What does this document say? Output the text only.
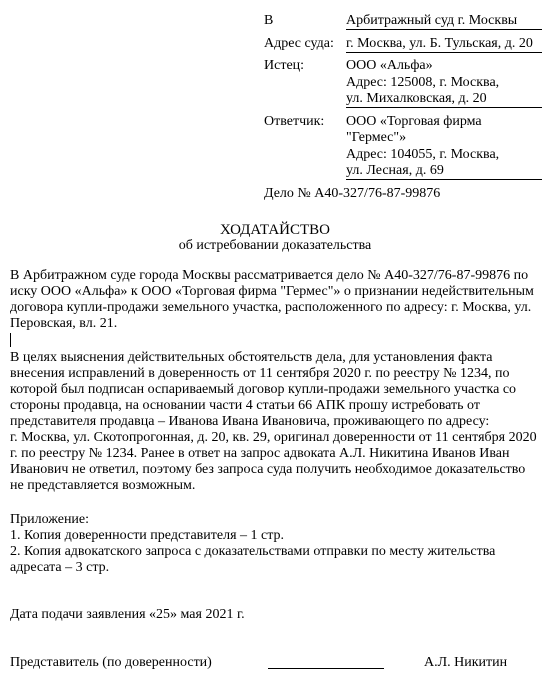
В	Арбитражный суд г. Москвы
Адрес суда: г. Москва, ул. Б. Тульская, д. 20
Истец:	ООО «Альфа»
Адрес: 125008, г. Москва,
ул. Михалковская, д. 20
Ответчик: ООО «Торговая фирма
"Гермес"»
Адрес: 104055, г. Москва,
ул. Лесная, д. 69
Дело № А40-327/76-87-99876
ХОДАТАЙСТВО
об истребовании доказательства
В Арбитражном суде города Москвы рассматривается дело № А40-327/76-87-99876 по
иску ООО «Альфа» к ООО «Торговая фирма "Гермес"» о признании недействительным
договора купли-продажи земельного участка, расположенного по адресу: г. Москва, ул.
Перовская, вл. 21.
В целях выяснения действительных обстоятельств дела, для установления факта
внесения исправлений в доверенность от 11 сентября 2020 г. по реестру № 1234, по
которой был подписан оспариваемый договор купли-продажи земельного участка со
стороны продавца, на основании части 4 статьи 66 АПК прошу истребовать от
представителя продавца – Иванова Ивана Ивановича, проживающего по адресу:
г. Москва, ул. Скотопрогонная, д. 20, кв. 29, оригинал доверенности от 11 сентября 2020
г. по реестру № 1234. Ранее в ответ на запрос адвоката А.Л. Никитина Иванов Иван
Иванович не ответил, поэтому без запроса суда получить необходимое доказательство
не представляется возможным.
Приложение:
1. Копия доверенности представителя – 1 стр.
2. Копия адвокатского запроса с доказательствами отправки по месту жительства
адресата – 3 стр.
Дата подачи заявления «25» мая 2021 г.
Представитель (по доверенности)	А.Л. Никитин
